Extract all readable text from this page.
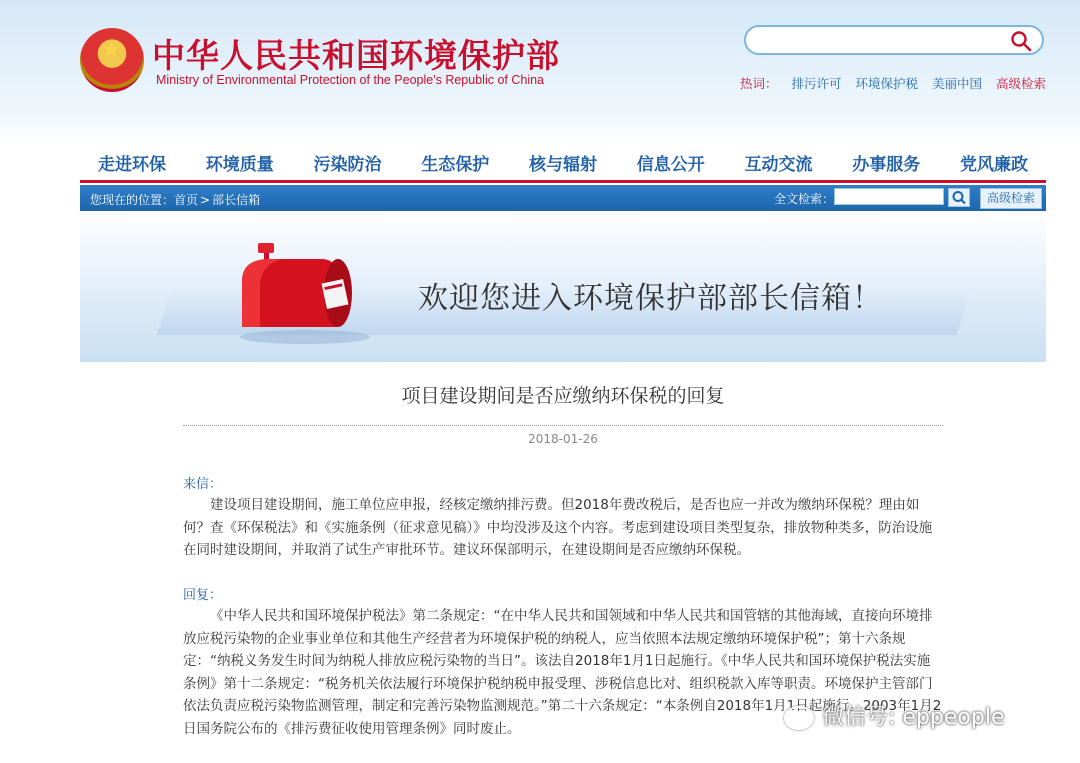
★
中华人民共和国环境保护部
Ministry of Environmental Protection of the People's Republic of China	热词： 排污许可 环境保护税 美丽中国 高级检索
走进环保 环境质量 污染防治 生态保护 核与辐射 信息公开 互动交流 办事服务 党风廉政
您现在的位置：首页 > 部长信箱	全文检索：	高级检索
欢迎您进入环境保护部部长信箱！
项目建设期间是否应缴纳环保税的回复
2018-01-26
来信：

建设项目建设期间，施工单位应申报，经核定缴纳排污费。但2018年费改税后，是否也应一并改为缴纳环保税？理由如何？查《环保税法》和《实施条例（征求意见稿）》中均没涉及这个内容。考虑到建设项目类型复杂，排放物种类多，防治设施在同时建设期间，并取消了试生产审批环节。建议环保部明示，在建设期间是否应缴纳环保税。

回复：

《中华人民共和国环境保护税法》第二条规定：“在中华人民共和国领域和中华人民共和国管辖的其他海域，直接向环境排放应税污染物的企业事业单位和其他生产经营者为环境保护税的纳税人，应当依照本法规定缴纳环境保护税”；第十六条规定：“纳税义务发生时间为纳税人排放应税污染物的当日”。该法自2018年1月1日起施行。《中华人民共和国环境保护税法实施条例》第十二条规定：“税务机关依法履行环境保护税纳税申报受理、涉税信息比对、组织税款入库等职责。环境保护主管部门依法负责应税污染物监测管理，制定和完善污染物监测规范。”第二十六条规定：“本条例自2018年1月1日起施行。2003年1月2日国务院公布的《排污费征收使用管理条例》同时废止。	微信号: eppeople
